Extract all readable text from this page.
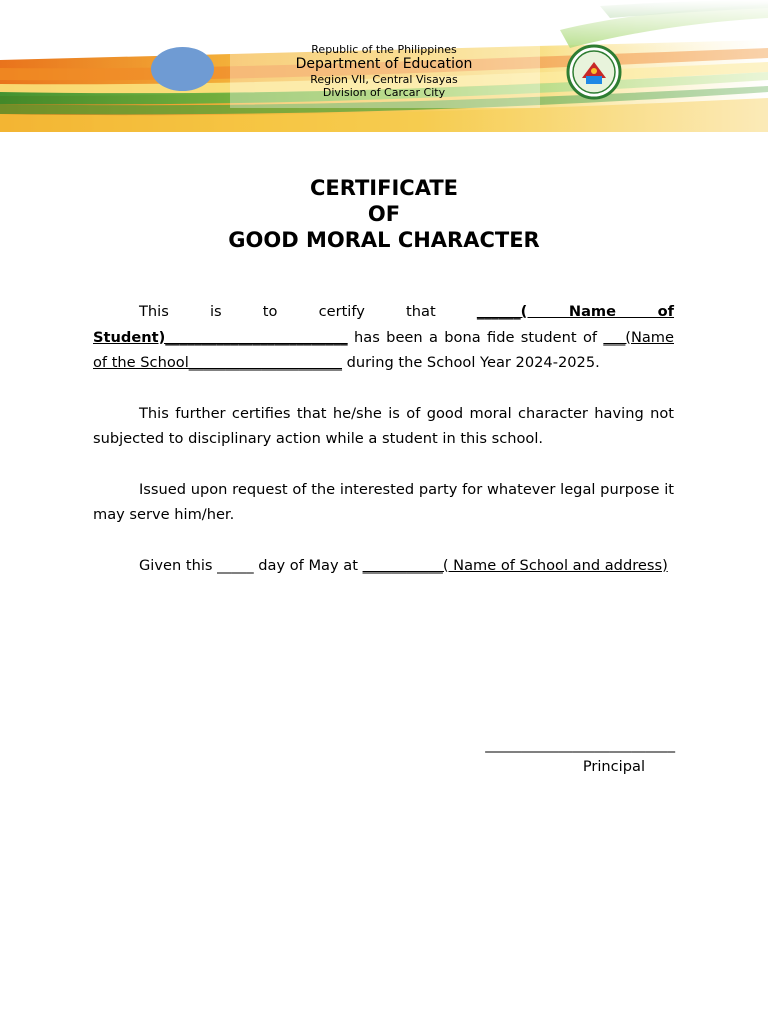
Republic of the Philippines
Department of Education
Region VII, Central Visayas
Division of Carcar City
CERTIFICATE
OF
GOOD MORAL CHARACTER

This is to certify that ______( Name of Student)_________________________ has been a bona fide student of ___(Name of the School_____________________ during the School Year 2024-2025.

This further certifies that he/she is of good moral character having not subjected to disciplinary action while a student in this school.

Issued upon request of the interested party for whatever legal purpose it may serve him/her.

Given this _____ day of May at ___________( Name of School and address)

__________________________
Principal
